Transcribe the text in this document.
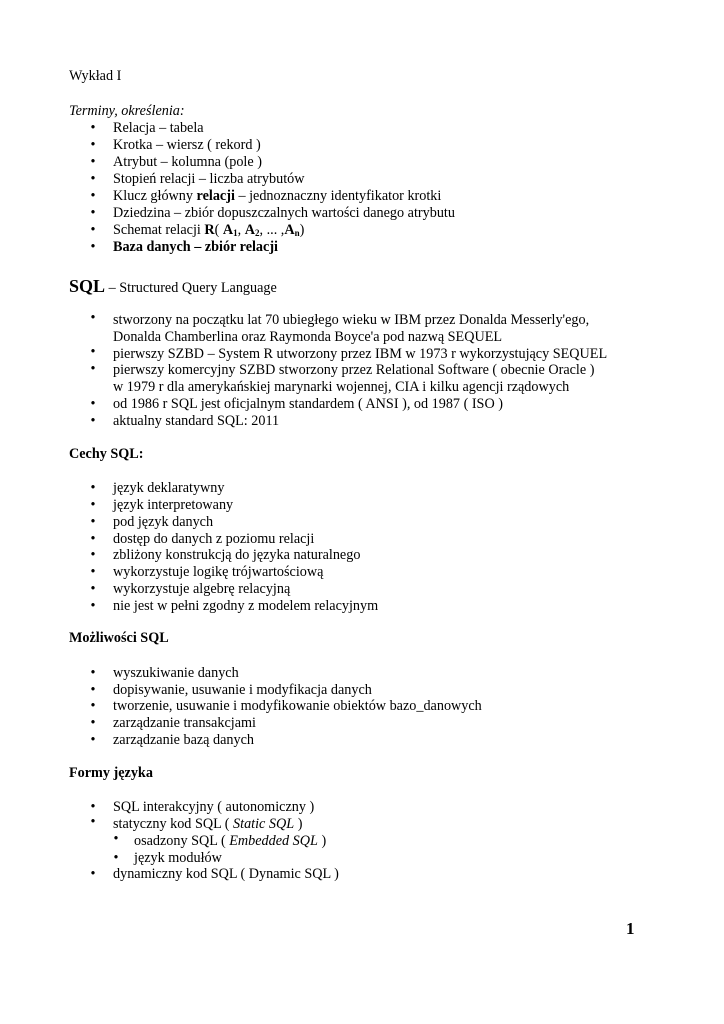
Wykład I
Terminy, określenia:
• Relacja – tabela
• Krotka – wiersz ( rekord )
• Atrybut – kolumna (pole )
• Stopień relacji – liczba atrybutów
• Klucz główny relacji – jednoznaczny identyfikator krotki
• Dziedzina – zbiór dopuszczalnych wartości danego atrybutu
• Schemat relacji R( $A_1$, $A_2$, ... $,A_n$)
• Baza danych – zbiór relacji
SQL – Structured Query Language
• stworzony na początku lat 70 ubiegłego wieku w IBM przez Donalda Messerly'ego,
Donalda Chamberlina oraz Raymonda Boyce'a pod nazwą SEQUEL
• pierwszy SZBD – System R utworzony przez IBM w 1973 r wykorzystujący SEQUEL
• pierwszy komercyjny SZBD stworzony przez Relational Software ( obecnie Oracle )
w 1979 r dla amerykańskiej marynarki wojennej, CIA i kilku agencji rządowych
• od 1986 r SQL jest oficjalnym standardem ( ANSI ), od 1987 ( ISO )
• aktualny standard SQL: 2011
Cechy SQL:
• język deklaratywny
• język interpretowany
• pod język danych
• dostęp do danych z poziomu relacji
• zbliżony konstrukcją do języka naturalnego
• wykorzystuje logikę trójwartościową
• wykorzystuje algebrę relacyjną
• nie jest w pełni zgodny z modelem relacyjnym
Możliwości SQL
• wyszukiwanie danych
• dopisywanie, usuwanie i modyfikacja danych
• tworzenie, usuwanie i modyfikowanie obiektów bazo_danowych
• zarządzanie transakcjami
• zarządzanie bazą danych
Formy języka
• SQL interakcyjny ( autonomiczny )
• statyczny kod SQL ( Static SQL )
• osadzony SQL ( Embedded SQL )
• język modułów
• dynamiczny kod SQL ( Dynamic SQL )
1
